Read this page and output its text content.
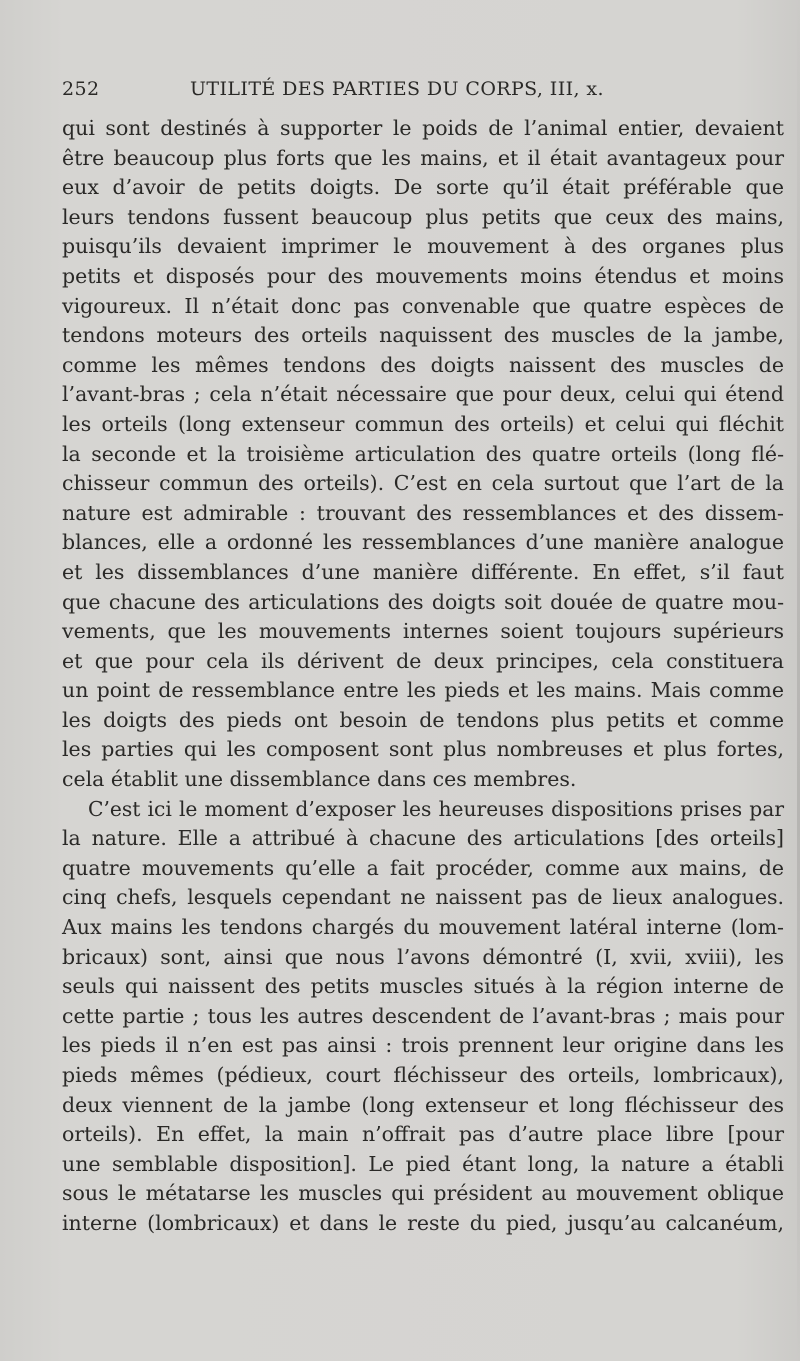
252	UTILITÉ DES PARTIES DU CORPS, III, x.
qui sont destinés à supporter le poids de l’animal entier, devaient
être beaucoup plus forts que les mains, et il était avantageux pour
eux d’avoir de petits doigts. De sorte qu’il était préférable que
leurs tendons fussent beaucoup plus petits que ceux des mains,
puisqu’ils devaient imprimer le mouvement à des organes plus
petits et disposés pour des mouvements moins étendus et moins
vigoureux. Il n’était donc pas convenable que quatre espèces de
tendons moteurs des orteils naquissent des muscles de la jambe,
comme les mêmes tendons des doigts naissent des muscles de
l’avant-bras ; cela n’était nécessaire que pour deux, celui qui étend
les orteils (long extenseur commun des orteils) et celui qui fléchit
la seconde et la troisième articulation des quatre orteils (long flé-
chisseur commun des orteils). C’est en cela surtout que l’art de la
nature est admirable : trouvant des ressemblances et des dissem-
blances, elle a ordonné les ressemblances d’une manière analogue
et les dissemblances d’une manière différente. En effet, s’il faut
que chacune des articulations des doigts soit douée de quatre mou-
vements, que les mouvements internes soient toujours supérieurs
et que pour cela ils dérivent de deux principes, cela constituera
un point de ressemblance entre les pieds et les mains. Mais comme
les doigts des pieds ont besoin de tendons plus petits et comme
les parties qui les composent sont plus nombreuses et plus fortes,
cela établit une dissemblance dans ces membres.
C’est ici le moment d’exposer les heureuses dispositions prises par
la nature. Elle a attribué à chacune des articulations [des orteils]
quatre mouvements qu’elle a fait procéder, comme aux mains, de
cinq chefs, lesquels cependant ne naissent pas de lieux analogues.
Aux mains les tendons chargés du mouvement latéral interne (lom-
bricaux) sont, ainsi que nous l’avons démontré (I, xvii, xviii), les
seuls qui naissent des petits muscles situés à la région interne de
cette partie ; tous les autres descendent de l’avant-bras ; mais pour
les pieds il n’en est pas ainsi : trois prennent leur origine dans les
pieds mêmes (pédieux, court fléchisseur des orteils, lombricaux),
deux viennent de la jambe (long extenseur et long fléchisseur des
orteils). En effet, la main n’offrait pas d’autre place libre [pour
une semblable disposition]. Le pied étant long, la nature a établi
sous le métatarse les muscles qui président au mouvement oblique
interne (lombricaux) et dans le reste du pied, jusqu’au calcanéum,
